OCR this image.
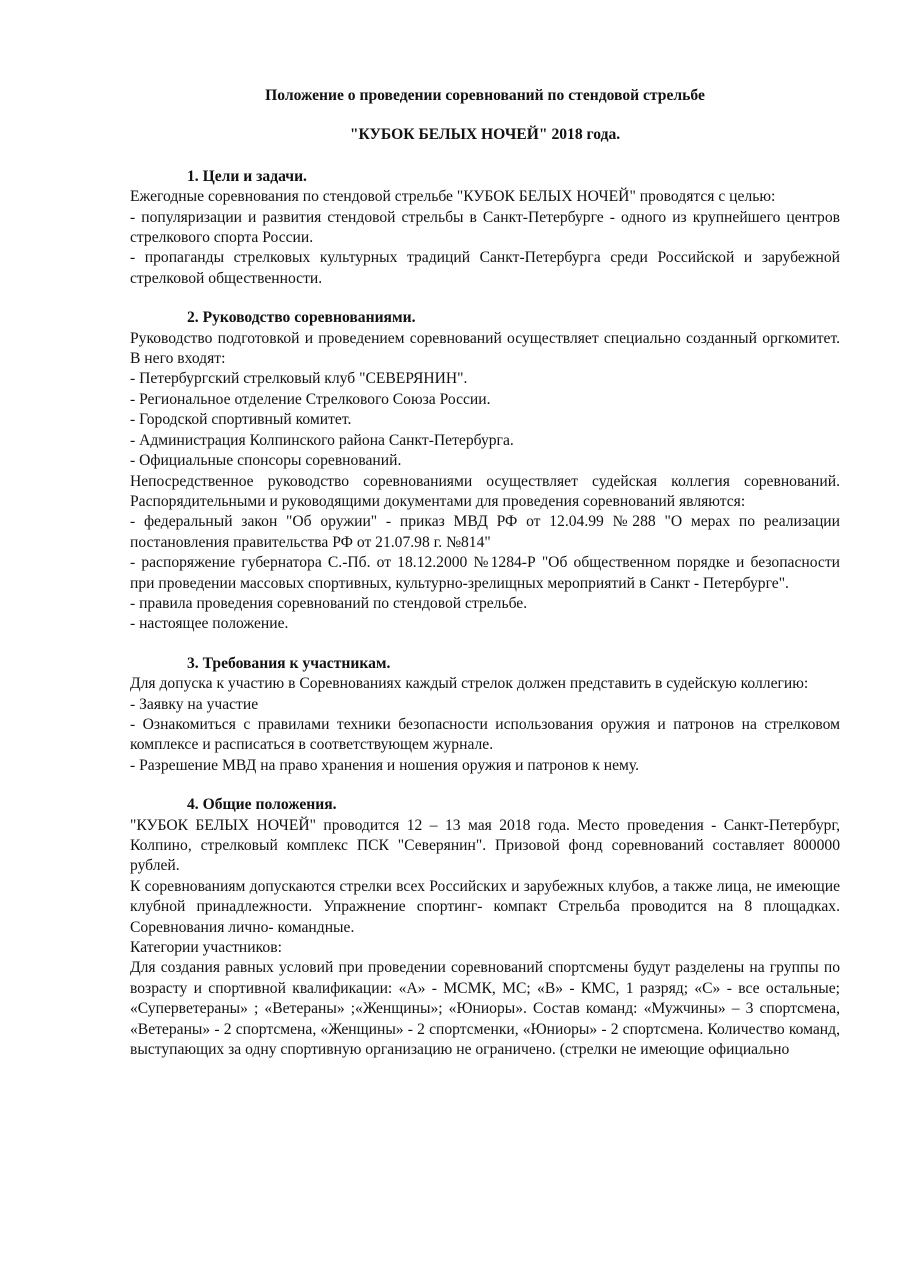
Положение о проведении соревнований по стендовой стрельбе

"КУБОК БЕЛЫХ НОЧЕЙ" 2018 года.

1. Цели и задачи.

Ежегодные соревнования по стендовой стрельбе "КУБОК БЕЛЫХ НОЧЕЙ" проводятся с целью:

- популяризации и развития стендовой стрельбы в Санкт-Петербурге - одного из крупнейшего центров стрелкового спорта России.

- пропаганды стрелковых культурных традиций Санкт-Петербурга среди Российской и зарубежной стрелковой общественности.

2. Руководство соревнованиями.

Руководство подготовкой и проведением соревнований осуществляет специально созданный оргкомитет. В него входят:

- Петербургский стрелковый клуб "СЕВЕРЯНИН".

- Региональное отделение Стрелкового Союза России.

- Городской спортивный комитет.

- Администрация Колпинского района Санкт-Петербурга.

- Официальные спонсоры соревнований.

Непосредственное руководство соревнованиями осуществляет судейская коллегия соревнований. Распорядительными и руководящими документами для проведения соревнований являются:

- федеральный закон "Об оружии" - приказ МВД РФ от 12.04.99 №288 "О мерах по реализации постановления правительства РФ от 21.07.98 г. №814"

- распоряжение губернатора С.-Пб. от 18.12.2000 №1284-Р "Об общественном порядке и безопасности при проведении массовых спортивных, культурно-зрелищных мероприятий в Санкт - Петербурге".

- правила проведения соревнований по стендовой стрельбе.

- настоящее положение.

3. Требования к участникам.

Для допуска к участию в Соревнованиях каждый стрелок должен представить в судейскую коллегию:

- Заявку на участие

- Ознакомиться с правилами техники безопасности использования оружия и патронов на стрелковом комплексе и расписаться в соответствующем журнале.

- Разрешение МВД на право хранения и ношения оружия и патронов к нему.

4. Общие положения.

"КУБОК БЕЛЫХ НОЧЕЙ" проводится 12 – 13 мая 2018 года. Место проведения - Санкт-Петербург, Колпино, стрелковый комплекс ПСК "Северянин". Призовой фонд соревнований составляет 800000 рублей.

К соревнованиям допускаются стрелки всех Российских и зарубежных клубов, а также лица, не имеющие клубной принадлежности. Упражнение спортинг- компакт Стрельба проводится на 8 площадках. Соревнования лично- командные.

Категории участников:

Для создания равных условий при проведении соревнований спортсмены будут разделены на группы по возрасту и спортивной квалификации: «А» - МСМК, МС; «В» - КМС, 1 разряд; «С» - все остальные; «Суперветераны» ; «Ветераны» ;«Женщины»; «Юниоры». Состав команд: «Мужчины» – 3 спортсмена, «Ветераны» - 2 спортсмена, «Женщины» - 2 спортсменки, «Юниоры» - 2 спортсмена. Количество команд, выступающих за одну спортивную организацию не ограничено. (стрелки не имеющие официально
